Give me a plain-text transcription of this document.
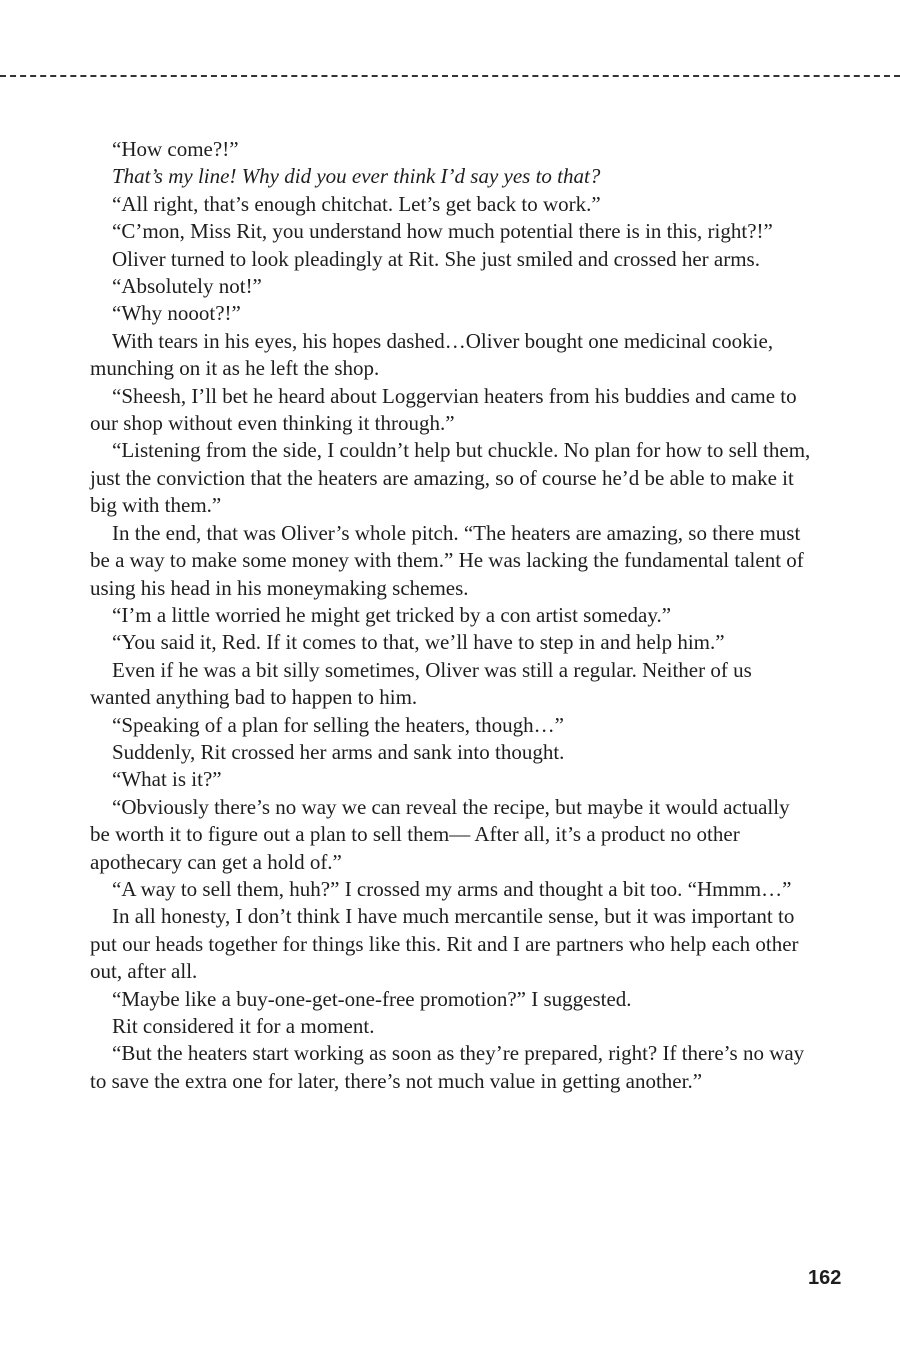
“How come?!”

That’s my line! Why did you ever think I’d say yes to that?

“All right, that’s enough chitchat. Let’s get back to work.”

“C’mon, Miss Rit, you understand how much potential there is in this, right?!”

Oliver turned to look pleadingly at Rit. She just smiled and crossed her arms.

“Absolutely not!”

“Why nooot?!”

With tears in his eyes, his hopes dashed…Oliver bought one medicinal cookie, munching on it as he left the shop.

“Sheesh, I’ll bet he heard about Loggervian heaters from his buddies and came to our shop without even thinking it through.”

“Listening from the side, I couldn’t help but chuckle. No plan for how to sell them, just the conviction that the heaters are amazing, so of course he’d be able to make it big with them.”

In the end, that was Oliver’s whole pitch. “The heaters are amazing, so there must be a way to make some money with them.” He was lacking the fundamental talent of using his head in his moneymaking schemes.

“I’m a little worried he might get tricked by a con artist someday.”

“You said it, Red. If it comes to that, we’ll have to step in and help him.”

Even if he was a bit silly sometimes, Oliver was still a regular. Neither of us wanted anything bad to happen to him.

“Speaking of a plan for selling the heaters, though…”

Suddenly, Rit crossed her arms and sank into thought.

“What is it?”

“Obviously there’s no way we can reveal the recipe, but maybe it would actually be worth it to figure out a plan to sell them— After all, it’s a product no other apothecary can get a hold of.”

“A way to sell them, huh?” I crossed my arms and thought a bit too. “Hmmm…”

In all honesty, I don’t think I have much mercantile sense, but it was important to put our heads together for things like this. Rit and I are partners who help each other out, after all.

“Maybe like a buy-one-get-one-free promotion?” I suggested.

Rit considered it for a moment.

“But the heaters start working as soon as they’re prepared, right? If there’s no way to save the extra one for later, there’s not much value in getting another.”

162
